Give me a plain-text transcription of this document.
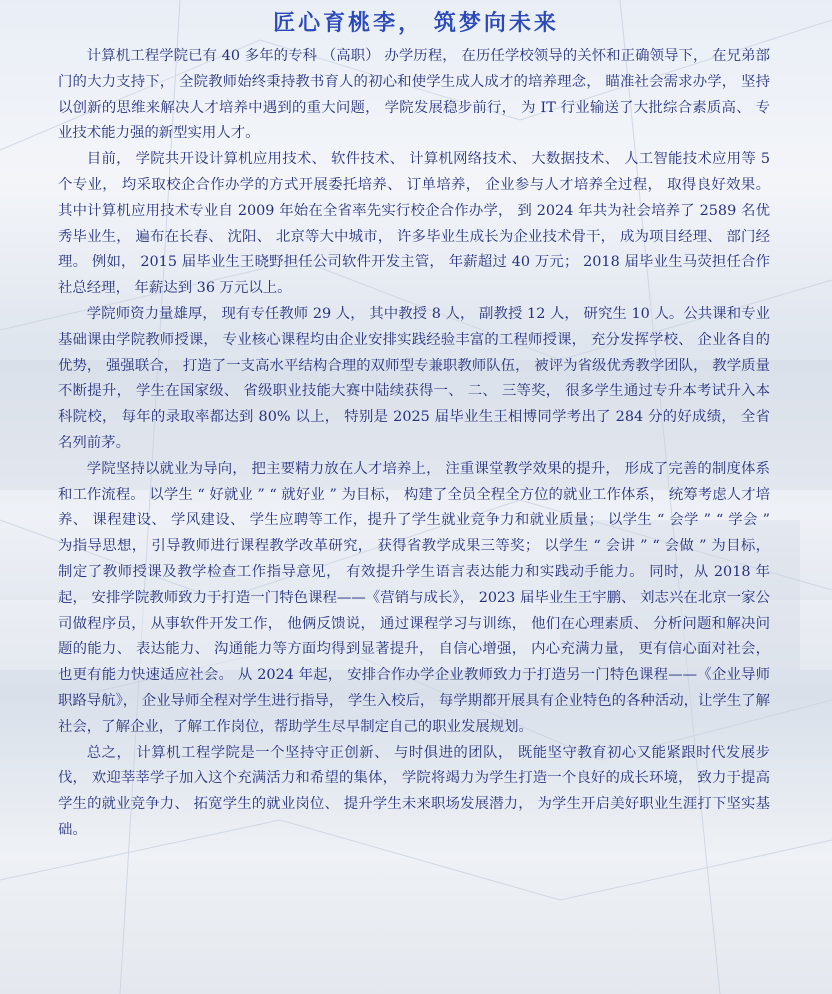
匠心育桃李， 筑梦向未来

计算机工程学院已有 40 多年的专科 （高职） 办学历程， 在历任学校领导的关怀和正确领导下， 在兄弟部门的大力支持下， 全院教师始终秉持教书育人的初心和使学生成人成才的培养理念， 瞄准社会需求办学， 坚持以创新的思维来解决人才培养中遇到的重大问题， 学院发展稳步前行， 为 IT 行业输送了大批综合素质高、 专业技术能力强的新型实用人才。

目前， 学院共开设计算机应用技术、 软件技术、 计算机网络技术、 大数据技术、 人工智能技术应用等 5 个专业， 均采取校企合作办学的方式开展委托培养、 订单培养， 企业参与人才培养全过程， 取得良好效果。 其中计算机应用技术专业自 2009 年始在全省率先实行校企合作办学， 到 2024 年共为社会培养了 2589 名优秀毕业生， 遍布在长春、 沈阳、 北京等大中城市， 许多毕业生成长为企业技术骨干， 成为项目经理、 部门经理。 例如， 2015 届毕业生王晓野担任公司软件开发主管， 年薪超过 40 万元； 2018 届毕业生马荧担任合作社总经理， 年薪达到 36 万元以上。

学院师资力量雄厚， 现有专任教师 29 人， 其中教授 8 人， 副教授 12 人， 研究生 10 人。公共课和专业基础课由学院教师授课， 专业核心课程均由企业安排实践经验丰富的工程师授课， 充分发挥学校、 企业各自的优势， 强强联合， 打造了一支高水平结构合理的双师型专兼职教师队伍， 被评为省级优秀教学团队， 教学质量不断提升， 学生在国家级、 省级职业技能大赛中陆续获得一、 二、 三等奖， 很多学生通过专升本考试升入本科院校， 每年的录取率都达到 80% 以上， 特别是 2025 届毕业生王相博同学考出了 284 分的好成绩， 全省名列前茅。

学院坚持以就业为导向， 把主要精力放在人才培养上， 注重课堂教学效果的提升， 形成了完善的制度体系和工作流程。 以学生 “ 好就业 ” “ 就好业 ” 为目标， 构建了全员全程全方位的就业工作体系， 统筹考虑人才培养、 课程建设、 学风建设、 学生应聘等工作，提升了学生就业竞争力和就业质量； 以学生 “ 会学 ” “ 学会 ” 为指导思想， 引导教师进行课程教学改革研究， 获得省教学成果三等奖； 以学生 “ 会讲 ” “ 会做 ” 为目标， 制定了教师授课及教学检查工作指导意见， 有效提升学生语言表达能力和实践动手能力。 同时，从 2018 年起， 安排学院教师致力于打造一门特色课程——《营销与成长》， 2023 届毕业生王宇鹏、 刘志兴在北京一家公司做程序员， 从事软件开发工作， 他俩反馈说， 通过课程学习与训练， 他们在心理素质、 分析问题和解决问题的能力、 表达能力、 沟通能力等方面均得到显著提升， 自信心增强， 内心充满力量， 更有信心面对社会， 也更有能力快速适应社会。 从 2024 年起， 安排合作办学企业教师致力于打造另一门特色课程——《企业导师职路导航》， 企业导师全程对学生进行指导， 学生入校后， 每学期都开展具有企业特色的各种活动，让学生了解社会，了解企业，了解工作岗位，帮助学生尽早制定自己的职业发展规划。

总之， 计算机工程学院是一个坚持守正创新、 与时俱进的团队， 既能坚守教育初心又能紧跟时代发展步伐， 欢迎莘莘学子加入这个充满活力和希望的集体， 学院将竭力为学生打造一个良好的成长环境， 致力于提高学生的就业竞争力、 拓宽学生的就业岗位、 提升学生未来职场发展潜力， 为学生开启美好职业生涯打下坚实基础。
